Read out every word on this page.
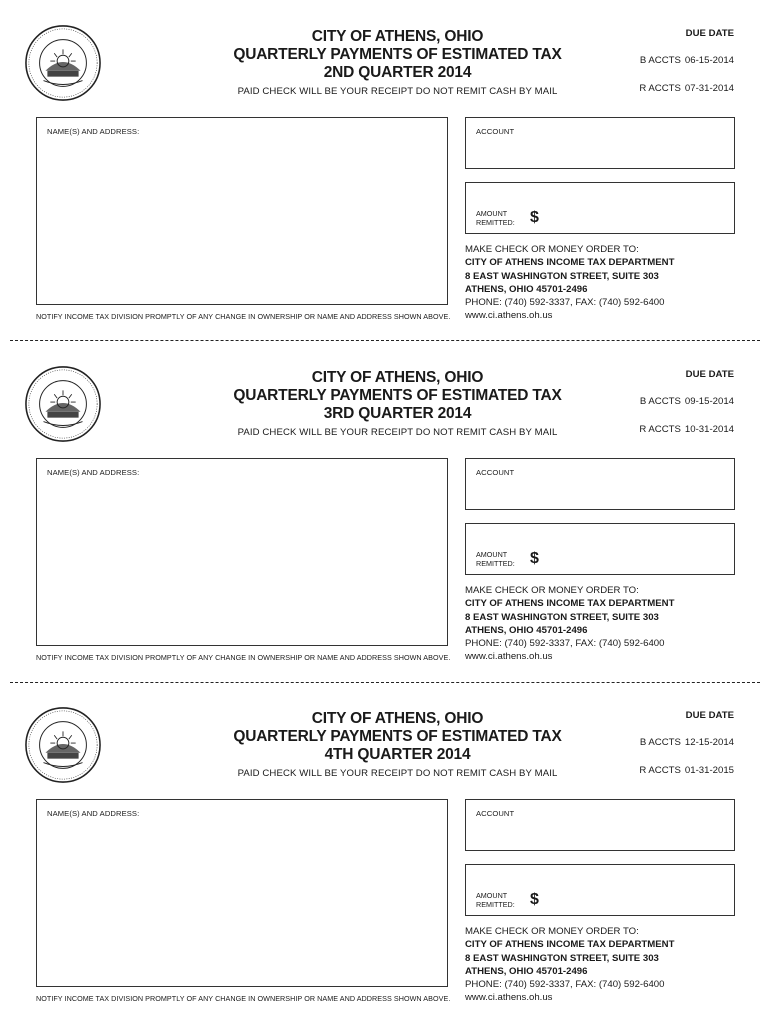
CITY OF ATHENS, OHIO
QUARTERLY PAYMENTS OF ESTIMATED TAX
2ND QUARTER 2014
PAID CHECK WILL BE YOUR RECEIPT DO NOT REMIT CASH BY MAIL
DUE DATE
B ACCTS 06-15-2014
R ACCTS 07-31-2014
NAME(S) AND ADDRESS:
NOTIFY INCOME TAX DIVISION PROMPTLY OF ANY CHANGE IN OWNERSHIP OR NAME AND ADDRESS SHOWN ABOVE.
ACCOUNT
AMOUNT
REMITTED: $
MAKE CHECK OR MONEY ORDER TO:
CITY OF ATHENS INCOME TAX DEPARTMENT
8 EAST WASHINGTON STREET, SUITE 303
ATHENS, OHIO 45701-2496
PHONE: (740) 592-3337, FAX: (740) 592-6400
www.ci.athens.oh.us
CITY OF ATHENS, OHIO
QUARTERLY PAYMENTS OF ESTIMATED TAX
3RD QUARTER 2014
PAID CHECK WILL BE YOUR RECEIPT DO NOT REMIT CASH BY MAIL
DUE DATE
B ACCTS 09-15-2014
R ACCTS 10-31-2014
NAME(S) AND ADDRESS:
NOTIFY INCOME TAX DIVISION PROMPTLY OF ANY CHANGE IN OWNERSHIP OR NAME AND ADDRESS SHOWN ABOVE.
ACCOUNT
AMOUNT
REMITTED: $
MAKE CHECK OR MONEY ORDER TO:
CITY OF ATHENS INCOME TAX DEPARTMENT
8 EAST WASHINGTON STREET, SUITE 303
ATHENS, OHIO 45701-2496
PHONE: (740) 592-3337, FAX: (740) 592-6400
www.ci.athens.oh.us
CITY OF ATHENS, OHIO
QUARTERLY PAYMENTS OF ESTIMATED TAX
4TH QUARTER 2014
PAID CHECK WILL BE YOUR RECEIPT DO NOT REMIT CASH BY MAIL
DUE DATE
B ACCTS 12-15-2014
R ACCTS 01-31-2015
NAME(S) AND ADDRESS:
NOTIFY INCOME TAX DIVISION PROMPTLY OF ANY CHANGE IN OWNERSHIP OR NAME AND ADDRESS SHOWN ABOVE.
ACCOUNT
AMOUNT
REMITTED: $
MAKE CHECK OR MONEY ORDER TO:
CITY OF ATHENS INCOME TAX DEPARTMENT
8 EAST WASHINGTON STREET, SUITE 303
ATHENS, OHIO 45701-2496
PHONE: (740) 592-3337, FAX: (740) 592-6400
www.ci.athens.oh.us
